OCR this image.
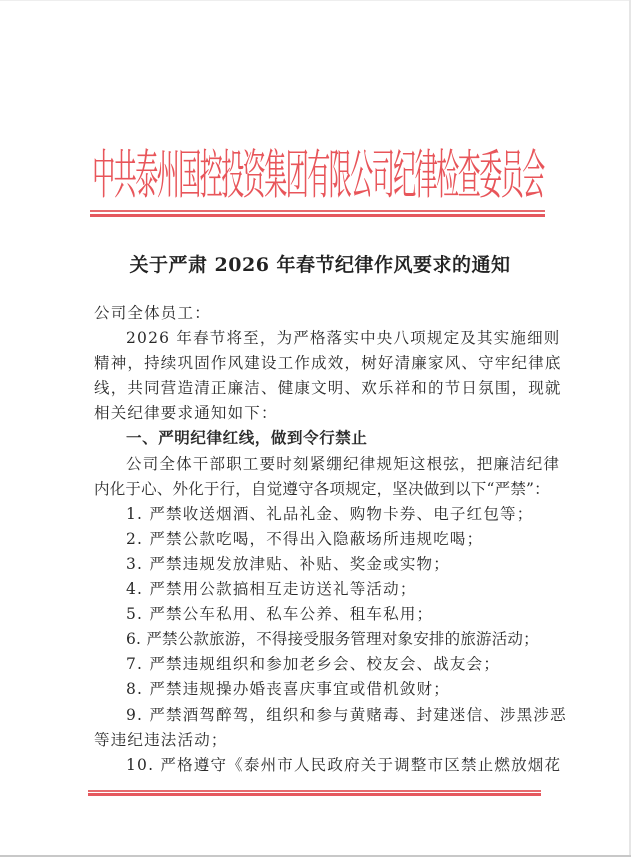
中共泰州国控投资集团有限公司纪律检查委员会
关于严肃 2026 年春节纪律作风要求的通知
公司全体员工：
2026 年春节将至，为严格落实中央八项规定及其实施细则
精神，持续巩固作风建设工作成效，树好清廉家风、守牢纪律底
线，共同营造清正廉洁、健康文明、欢乐祥和的节日氛围，现就
相关纪律要求通知如下：
一、严明纪律红线，做到令行禁止
公司全体干部职工要时刻紧绷纪律规矩这根弦，把廉洁纪律
内化于心、外化于行，自觉遵守各项规定，坚决做到以下“严禁”：
1. 严禁收送烟酒、礼品礼金、购物卡券、电子红包等；
2. 严禁公款吃喝，不得出入隐蔽场所违规吃喝；
3. 严禁违规发放津贴、补贴、奖金或实物；
4. 严禁用公款搞相互走访送礼等活动；
5. 严禁公车私用、私车公养、租车私用；
6. 严禁公款旅游，不得接受服务管理对象安排的旅游活动；
7. 严禁违规组织和参加老乡会、校友会、战友会；
8. 严禁违规操办婚丧喜庆事宜或借机敛财；
9. 严禁酒驾醉驾，组织和参与黄赌毒、封建迷信、涉黑涉恶
等违纪违法活动；
10. 严格遵守《泰州市人民政府关于调整市区禁止燃放烟花
